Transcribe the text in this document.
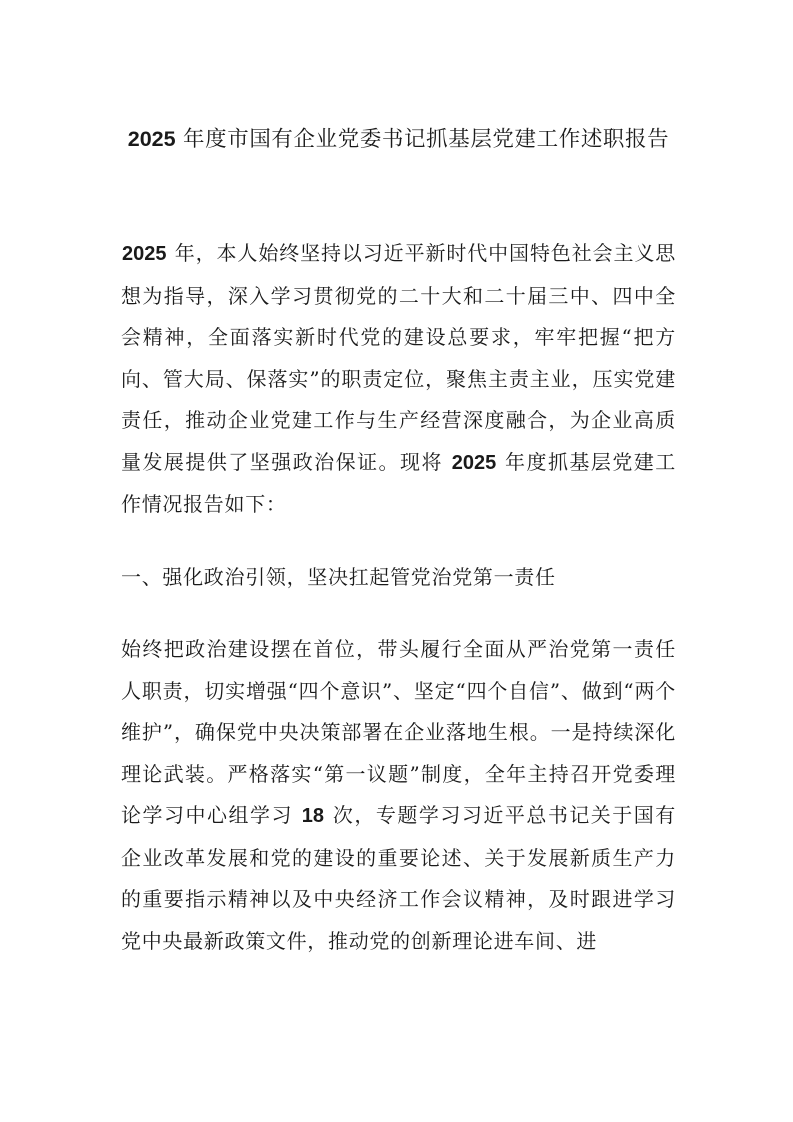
2025 年度市国有企业党委书记抓基层党建工作述职报告

2025 年，本人始终坚持以习近平新时代中国特色社会主义思想为指导，深入学习贯彻党的二十大和二十届三中、四中全会精神，全面落实新时代党的建设总要求，牢牢把握“把方向、管大局、保落实”的职责定位，聚焦主责主业，压实党建责任，推动企业党建工作与生产经营深度融合，为企业高质量发展提供了坚强政治保证。现将 2025 年度抓基层党建工作情况报告如下：

一、强化政治引领，坚决扛起管党治党第一责任

始终把政治建设摆在首位，带头履行全面从严治党第一责任人职责，切实增强“四个意识”、坚定“四个自信”、做到“两个维护”，确保党中央决策部署在企业落地生根。一是持续深化理论武装。严格落实“第一议题”制度，全年主持召开党委理论学习中心组学习 18 次，专题学习习近平总书记关于国有企业改革发展和党的建设的重要论述、关于发展新质生产力的重要指示精神以及中央经济工作会议精神，及时跟进学习党中央最新政策文件，推动党的创新理论进车间、进
